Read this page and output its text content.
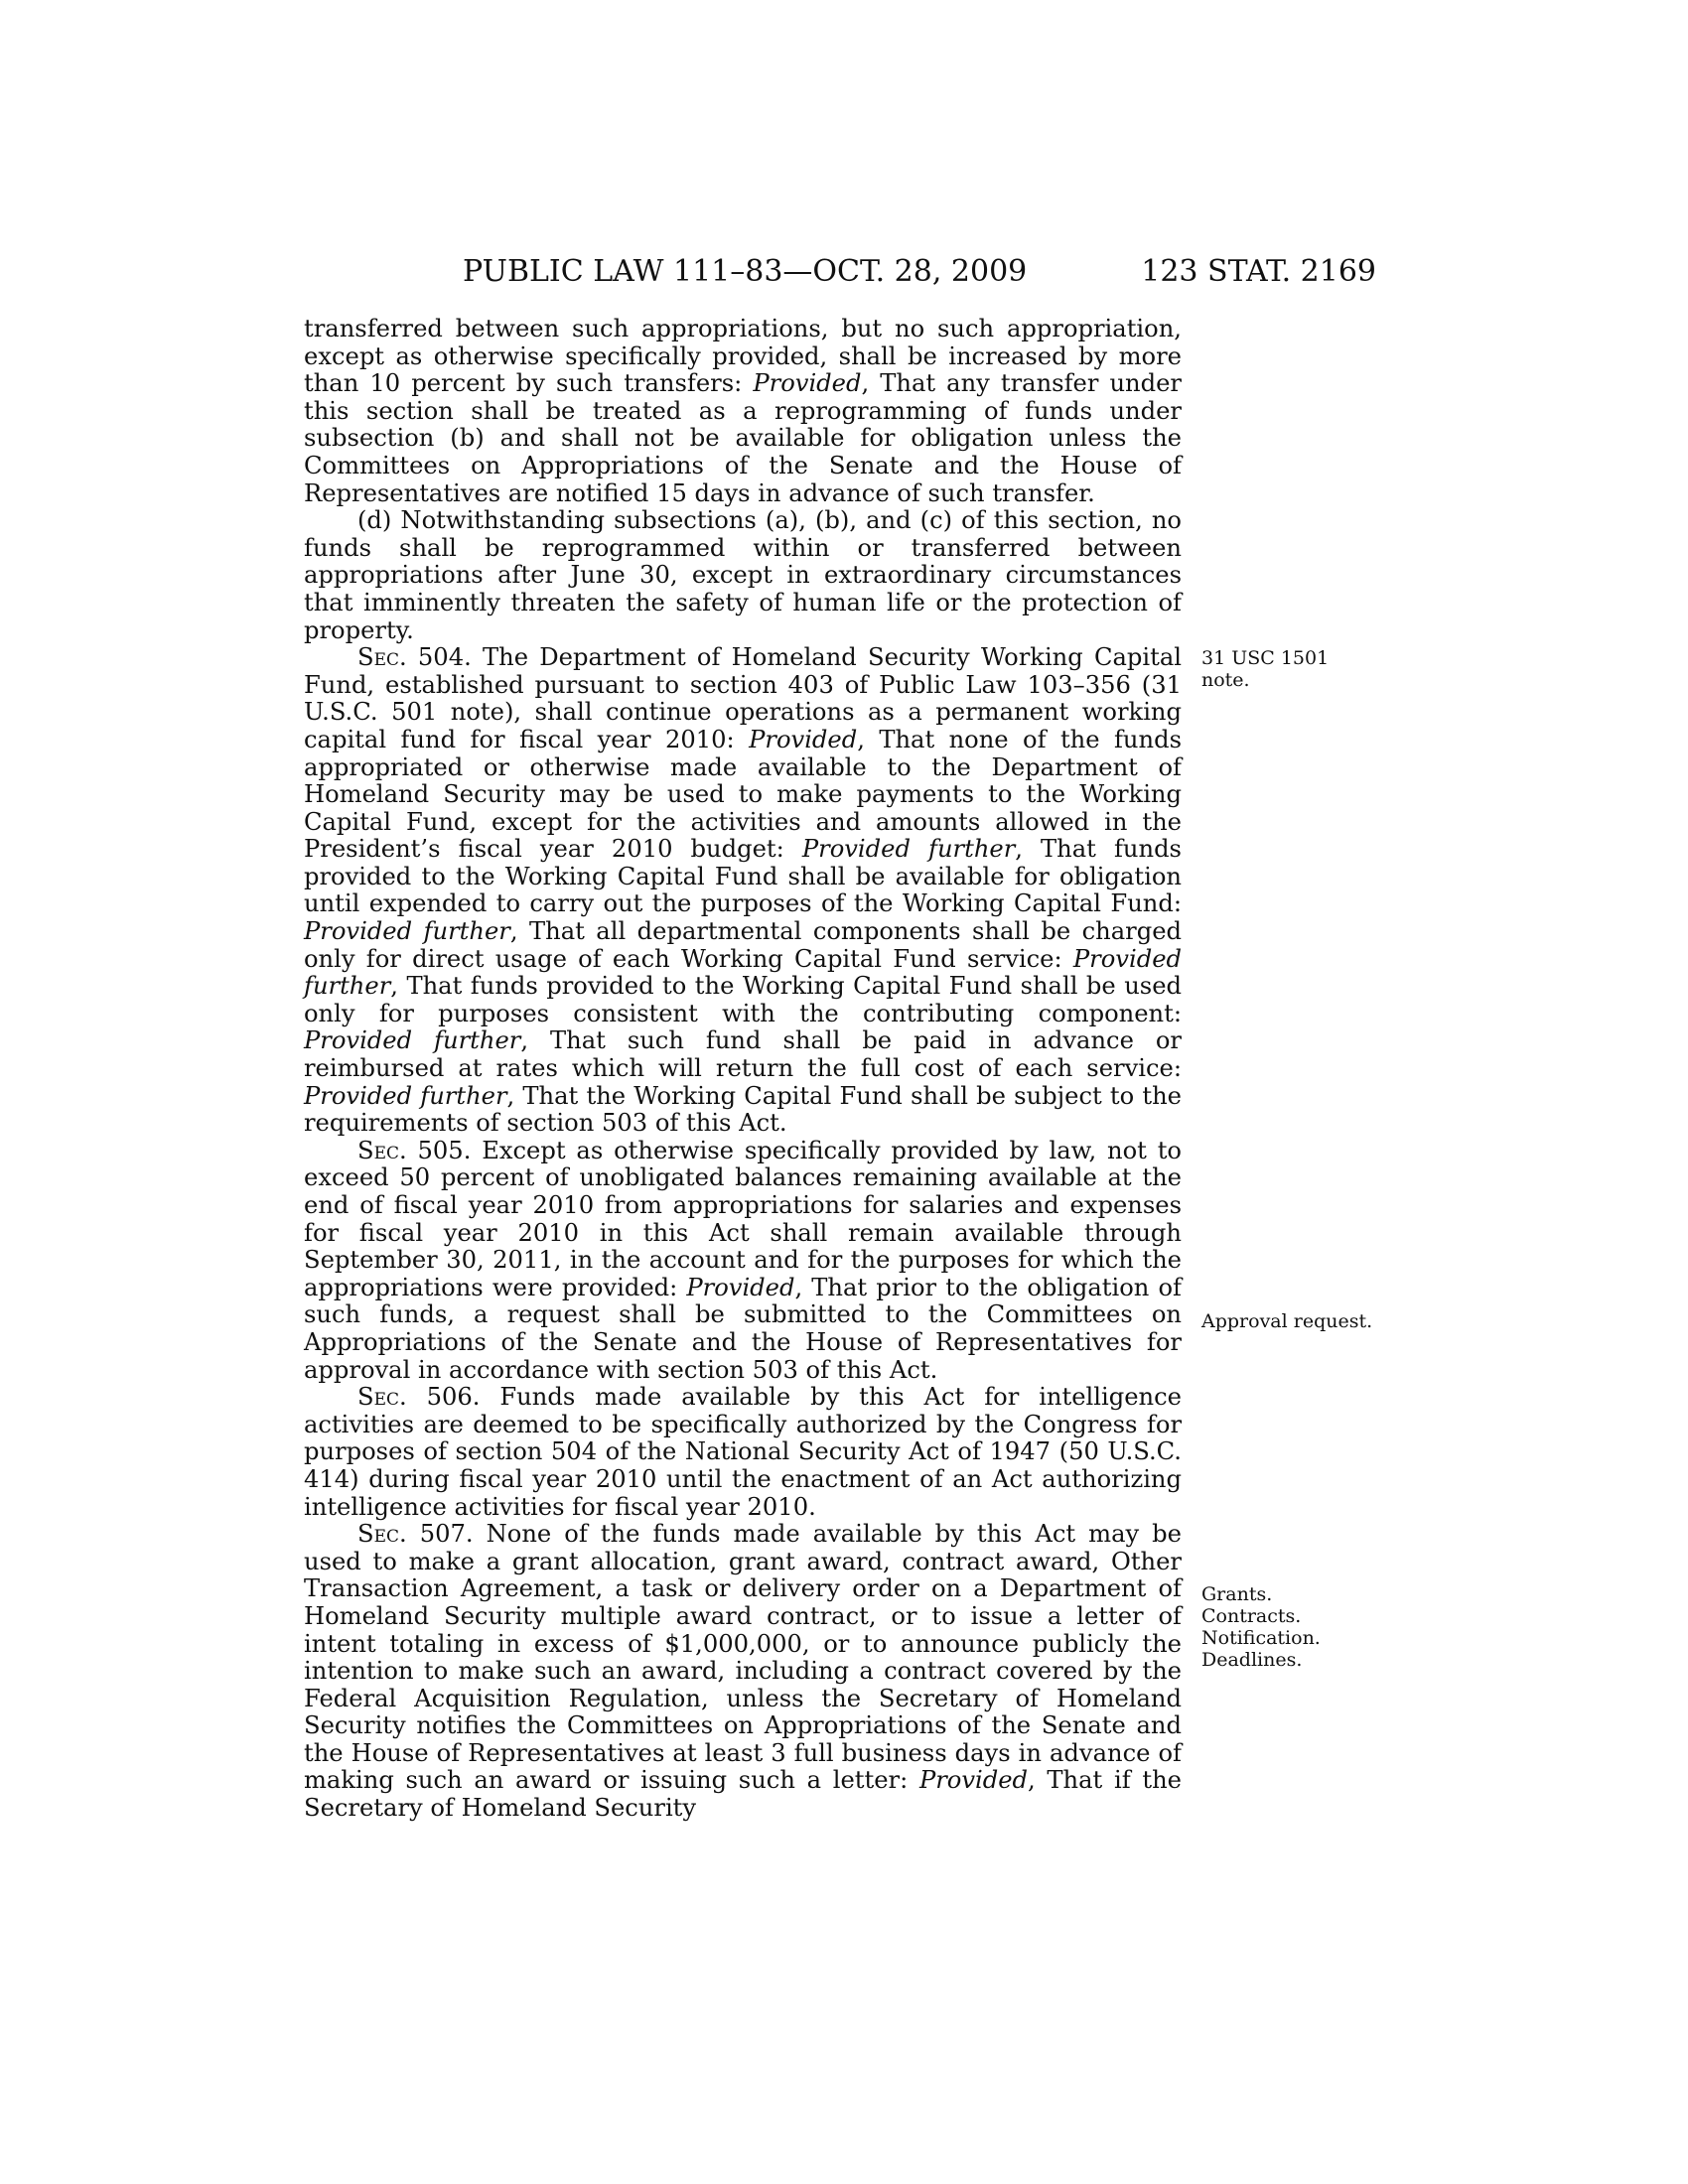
PUBLIC LAW 111–83—OCT. 28, 2009	123 STAT. 2169

transferred between such appropriations, but no such appropriation, except as otherwise specifically provided, shall be increased by more than 10 percent by such transfers: Provided, That any transfer under this section shall be treated as a reprogramming of funds under subsection (b) and shall not be available for obligation unless the Committees on Appropriations of the Senate and the House of Representatives are notified 15 days in advance of such transfer.

(d) Notwithstanding subsections (a), (b), and (c) of this section, no funds shall be reprogrammed within or transferred between appropriations after June 30, except in extraordinary circumstances that imminently threaten the safety of human life or the protection of property.

Sec. 504. The Department of Homeland Security Working Capital Fund, established pursuant to section 403 of Public Law 103–356 (31 U.S.C. 501 note), shall continue operations as a permanent working capital fund for fiscal year 2010: Provided, That none of the funds appropriated or otherwise made available to the Department of Homeland Security may be used to make payments to the Working Capital Fund, except for the activities and amounts allowed in the President’s fiscal year 2010 budget: Provided further, That funds provided to the Working Capital Fund shall be available for obligation until expended to carry out the purposes of the Working Capital Fund: Provided further, That all departmental components shall be charged only for direct usage of each Working Capital Fund service: Provided further, That funds provided to the Working Capital Fund shall be used only for purposes consistent with the contributing component: Provided further, That such fund shall be paid in advance or reimbursed at rates which will return the full cost of each service: Provided further, That the Working Capital Fund shall be subject to the requirements of section 503 of this Act.

Sec. 505. Except as otherwise specifically provided by law, not to exceed 50 percent of unobligated balances remaining available at the end of fiscal year 2010 from appropriations for salaries and expenses for fiscal year 2010 in this Act shall remain available through September 30, 2011, in the account and for the purposes for which the appropriations were provided: Provided, That prior to the obligation of such funds, a request shall be submitted to the Committees on Appropriations of the Senate and the House of Representatives for approval in accordance with section 503 of this Act.

Sec. 506. Funds made available by this Act for intelligence activities are deemed to be specifically authorized by the Congress for purposes of section 504 of the National Security Act of 1947 (50 U.S.C. 414) during fiscal year 2010 until the enactment of an Act authorizing intelligence activities for fiscal year 2010.

Sec. 507. None of the funds made available by this Act may be used to make a grant allocation, grant award, contract award, Other Transaction Agreement, a task or delivery order on a Department of Homeland Security multiple award contract, or to issue a letter of intent totaling in excess of $1,000,000, or to announce publicly the intention to make such an award, including a contract covered by the Federal Acquisition Regulation, unless the Secretary of Homeland Security notifies the Committees on Appropriations of the Senate and the House of Representatives at least 3 full business days in advance of making such an award or issuing such a letter: Provided, That if the Secretary of Homeland Security

31 USC 1501
note.
Approval request.
Grants.
Contracts.
Notification.
Deadlines.
